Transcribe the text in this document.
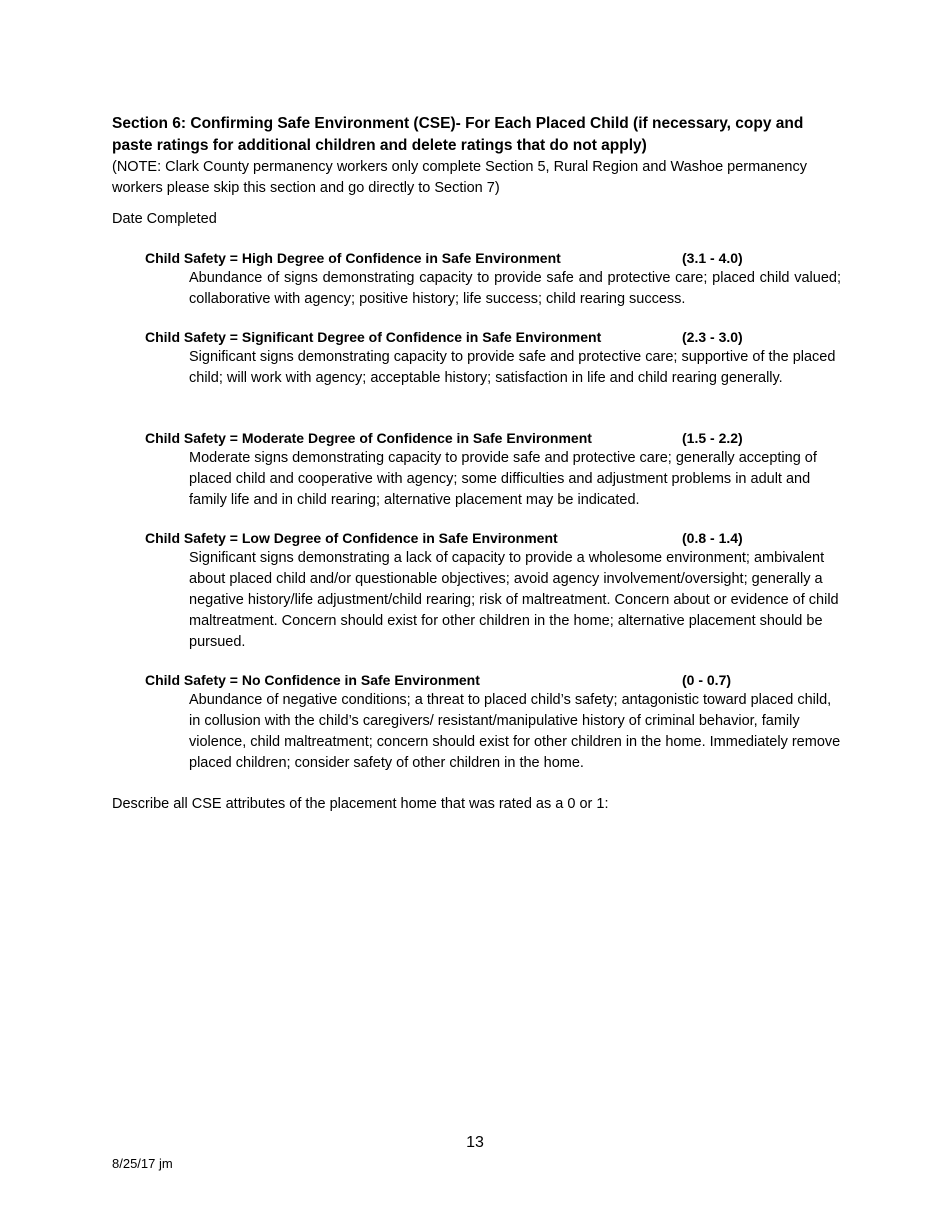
Section 6: Confirming Safe Environment (CSE)- For Each Placed Child (if necessary, copy and paste ratings for additional children and delete ratings that do not apply)
(NOTE: Clark County permanency workers only complete Section 5, Rural Region and Washoe permanency workers please skip this section and go directly to Section 7)
Date Completed
Child Safety = High Degree of Confidence in Safe Environment	(3.1 - 4.0)
Abundance of signs demonstrating capacity to provide safe and protective care; placed child valued; collaborative with agency; positive history; life success; child rearing success.
Child Safety = Significant Degree of Confidence in Safe Environment	(2.3 - 3.0)
Significant signs demonstrating capacity to provide safe and protective care; supportive of the placed child; will work with agency; acceptable history; satisfaction in life and child rearing generally.
Child Safety = Moderate Degree of Confidence in Safe Environment	(1.5 - 2.2)
Moderate signs demonstrating capacity to provide safe and protective care; generally accepting of placed child and cooperative with agency; some difficulties and adjustment problems in adult and family life and in child rearing; alternative placement may be indicated.
Child Safety = Low Degree of Confidence in Safe Environment	(0.8 - 1.4)
Significant signs demonstrating a lack of capacity to provide a wholesome environment; ambivalent about placed child and/or questionable objectives; avoid agency involvement/oversight; generally a negative history/life adjustment/child rearing; risk of maltreatment. Concern about or evidence of child maltreatment. Concern should exist for other children in the home; alternative placement should be pursued.
Child Safety = No Confidence in Safe Environment	(0 - 0.7)
Abundance of negative conditions; a threat to placed child’s safety; antagonistic toward placed child, in collusion with the child’s caregivers/ resistant/manipulative history of criminal behavior, family violence, child maltreatment; concern should exist for other children in the home. Immediately remove placed children; consider safety of other children in the home.
Describe all CSE attributes of the placement home that was rated as a 0 or 1:
13
8/25/17 jm
